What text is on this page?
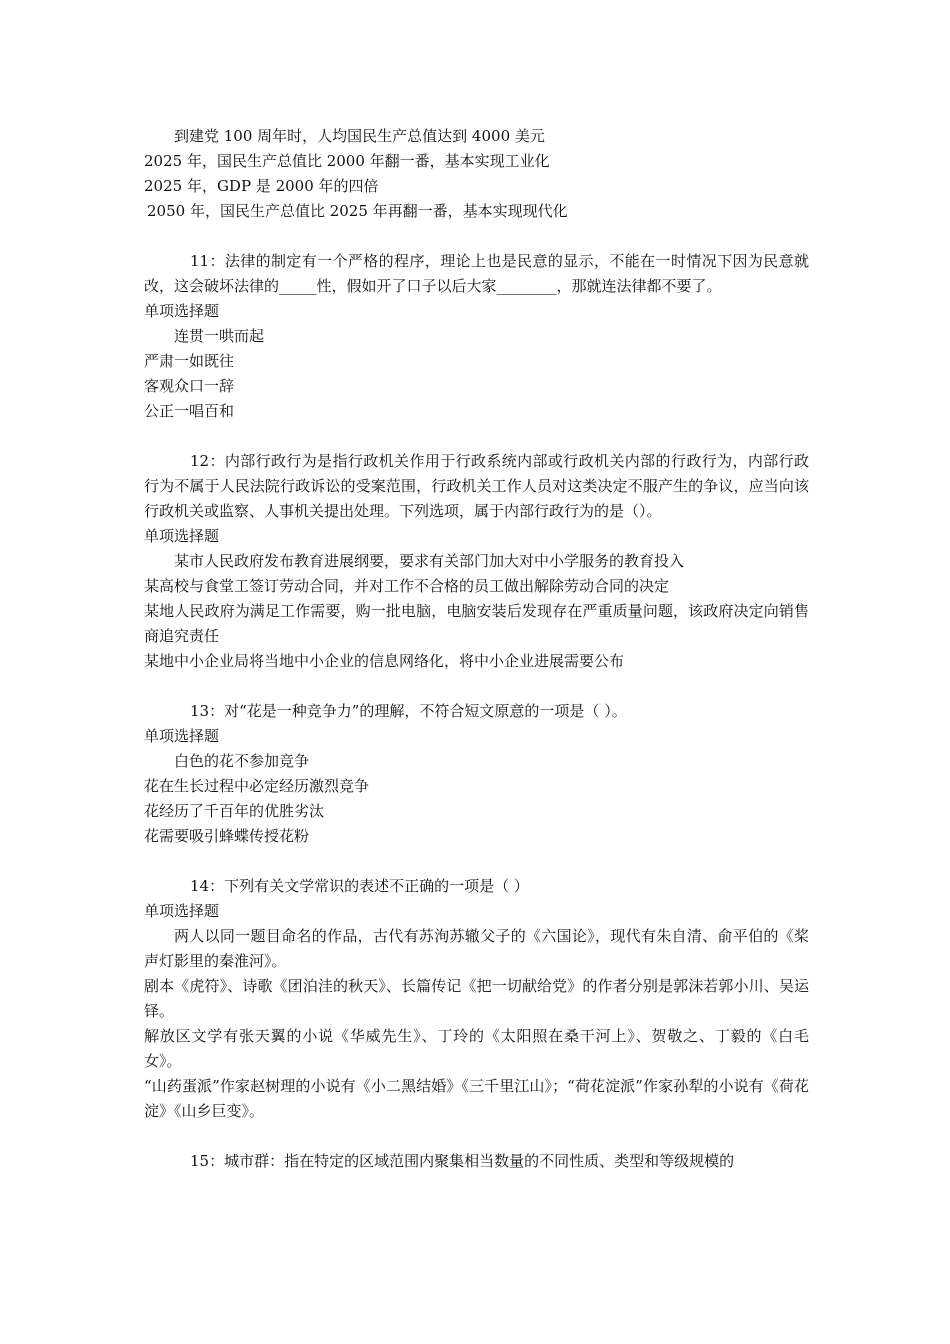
到建党 100 周年时，人均国民生产总值达到 4000 美元
2025 年，国民生产总值比 2000 年翻一番，基本实现工业化
2025 年，GDP 是 2000 年的四倍
2050 年，国民生产总值比 2025 年再翻一番，基本实现现代化
11：法律的制定有一个严格的程序，理论上也是民意的显示，不能在一时情况下因为民意就改，这会破坏法律的_____性，假如开了口子以后大家________，那就连法律都不要了。
单项选择题
连贯一哄而起
严肃一如既往
客观众口一辞
公正一唱百和
12：内部行政行为是指行政机关作用于行政系统内部或行政机关内部的行政行为，内部行政行为不属于人民法院行政诉讼的受案范围，行政机关工作人员对这类决定不服产生的争议，应当向该行政机关或监察、人事机关提出处理。下列选项，属于内部行政行为的是（）。
单项选择题
某市人民政府发布教育进展纲要，要求有关部门加大对中小学服务的教育投入
某高校与食堂工签订劳动合同，并对工作不合格的员工做出解除劳动合同的决定
某地人民政府为满足工作需要，购一批电脑，电脑安装后发现存在严重质量问题，该政府决定向销售商追究责任
某地中小企业局将当地中小企业的信息网络化，将中小企业进展需要公布
13：对“花是一种竞争力”的理解，不符合短文原意的一项是（ ）。
单项选择题
白色的花不参加竞争
花在生长过程中必定经历激烈竞争
花经历了千百年的优胜劣汰
花需要吸引蜂蝶传授花粉
14：下列有关文学常识的表述不正确的一项是（ ）
单项选择题
两人以同一题目命名的作品，古代有苏洵苏辙父子的《六国论》，现代有朱自清、俞平伯的《桨声灯影里的秦淮河》。
剧本《虎符》、诗歌《团泊洼的秋天》、长篇传记《把一切献给党》的作者分别是郭沫若郭小川、吴运铎。
解放区文学有张天翼的小说《华威先生》、丁玲的《太阳照在桑干河上》、贺敬之、丁毅的《白毛女》。
“山药蛋派”作家赵树理的小说有《小二黑结婚》《三千里江山》；“荷花淀派”作家孙犁的小说有《荷花淀》《山乡巨变》。
15：城市群：指在特定的区域范围内聚集相当数量的不同性质、类型和等级规模的
